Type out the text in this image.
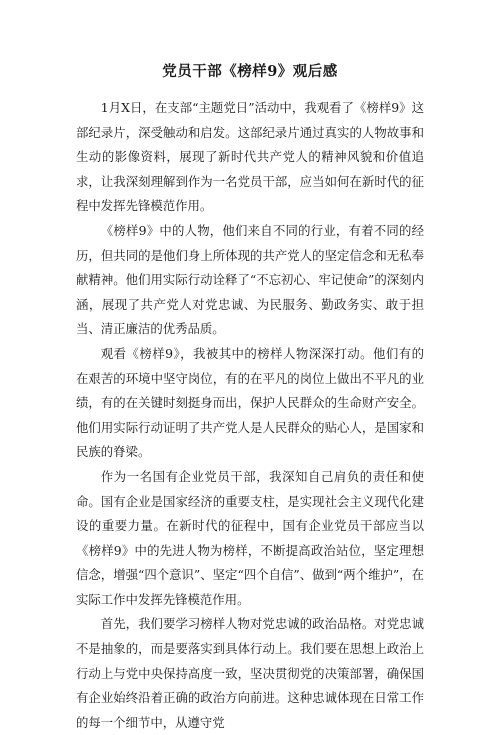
党员干部《榜样9》观后感

1月X日，在支部“主题党日”活动中，我观看了《榜样9》这部纪录片，深受触动和启发。这部纪录片通过真实的人物故事和生动的影像资料，展现了新时代共产党人的精神风貌和价值追求，让我深刻理解到作为一名党员干部，应当如何在新时代的征程中发挥先锋模范作用。

《榜样9》中的人物，他们来自不同的行业，有着不同的经历，但共同的是他们身上所体现的共产党人的坚定信念和无私奉献精神。他们用实际行动诠释了“不忘初心、牢记使命”的深刻内涵，展现了共产党人对党忠诚、为民服务、勤政务实、敢于担当、清正廉洁的优秀品质。

观看《榜样9》，我被其中的榜样人物深深打动。他们有的在艰苦的环境中坚守岗位，有的在平凡的岗位上做出不平凡的业绩，有的在关键时刻挺身而出，保护人民群众的生命财产安全。他们用实际行动证明了共产党人是人民群众的贴心人，是国家和民族的脊梁。

作为一名国有企业党员干部，我深知自己肩负的责任和使命。国有企业是国家经济的重要支柱，是实现社会主义现代化建设的重要力量。在新时代的征程中，国有企业党员干部应当以《榜样9》中的先进人物为榜样，不断提高政治站位，坚定理想信念，增强“四个意识”、坚定“四个自信”、做到“两个维护”，在实际工作中发挥先锋模范作用。

首先，我们要学习榜样人物对党忠诚的政治品格。对党忠诚不是抽象的，而是要落实到具体行动上。我们要在思想上政治上行动上与党中央保持高度一致，坚决贯彻党的决策部署，确保国有企业始终沿着正确的政治方向前进。这种忠诚体现在日常工作的每一个细节中，从遵守党
